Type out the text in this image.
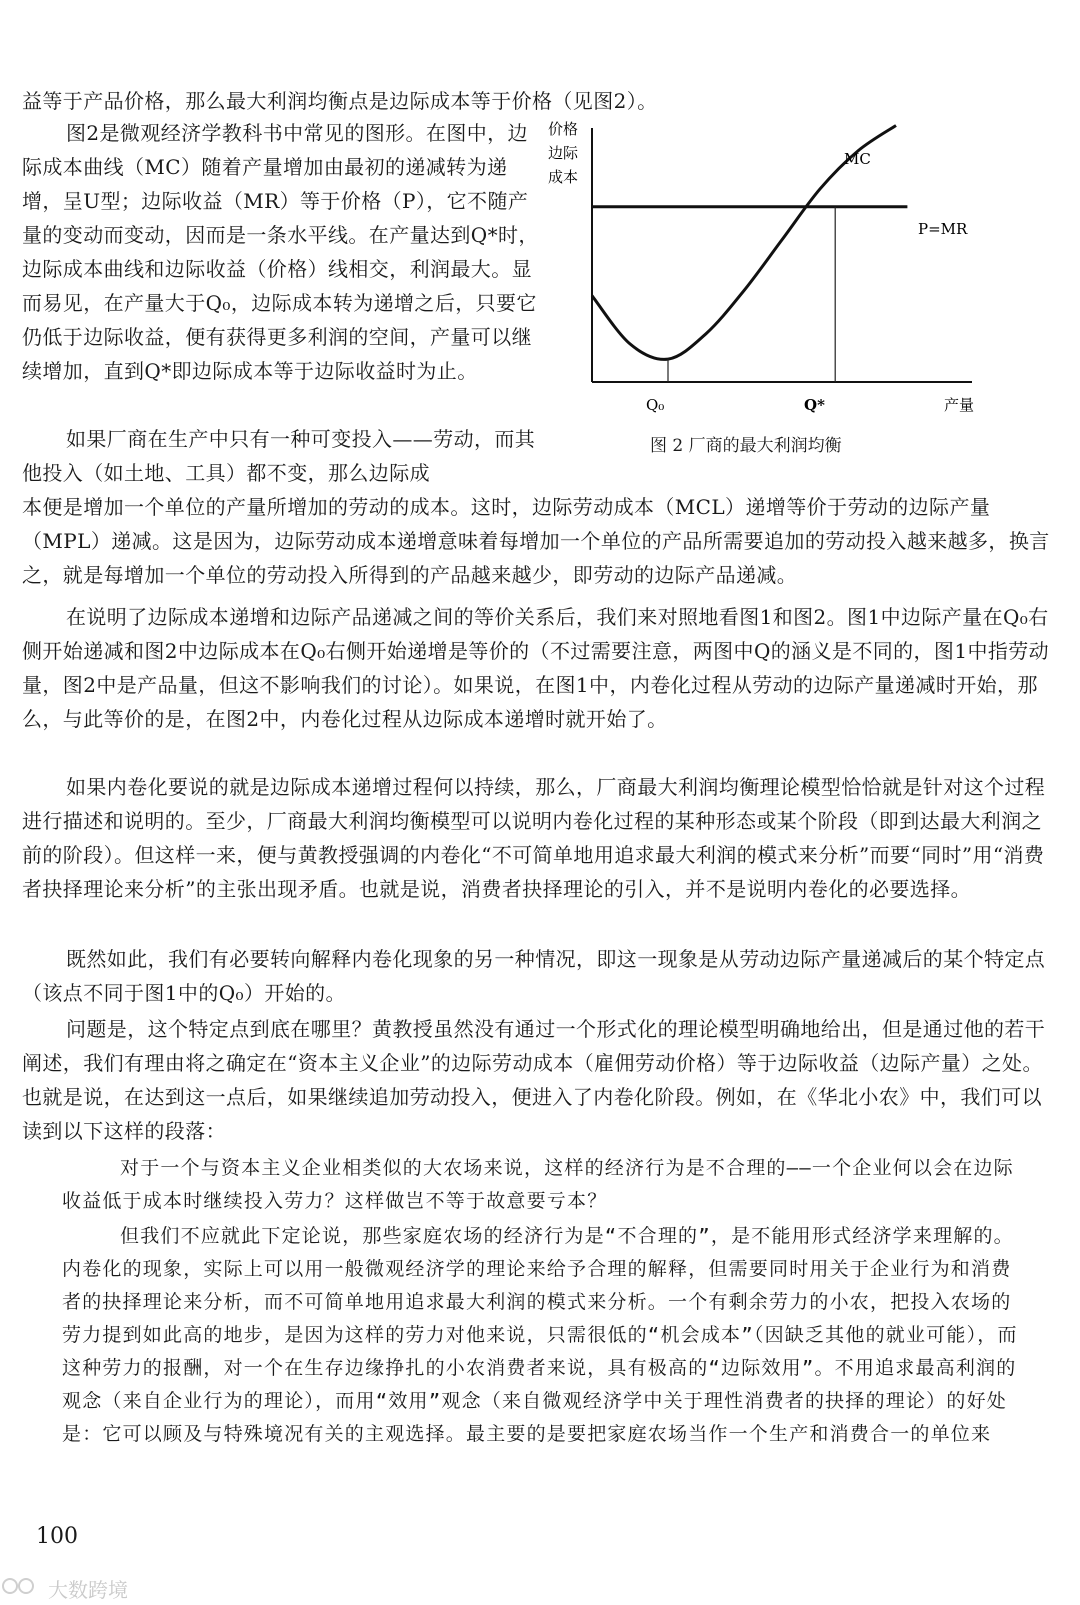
益等于产品价格，那么最大利润均衡点是边际成本等于价格（见图2）。

图2是微观经济学教科书中常见的图形。在图中，边际成本曲线（MC）随着产量增加由最初的递减转为递增，呈U型；边际收益（MR）等于价格（P），它不随产量的变动而变动，因而是一条水平线。在产量达到Q*时，边际成本曲线和边际收益（价格）线相交，利润最大。显而易见，在产量大于Q₀，边际成本转为递增之后，只要它仍低于边际收益，便有获得更多利润的空间，产量可以继续增加，直到Q*即边际成本等于边际收益时为止。

如果厂商在生产中只有一种可变投入——劳动，而其他投入（如土地、工具）都不变，那么边际成

本便是增加一个单位的产量所增加的劳动的成本。这时，边际劳动成本（MCL）递增等价于劳动的边际产量（MPL）递减。这是因为，边际劳动成本递增意味着每增加一个单位的产品所需要追加的劳动投入越来越多，换言之，就是每增加一个单位的劳动投入所得到的产品越来越少，即劳动的边际产品递减。

在说明了边际成本递增和边际产品递减之间的等价关系后，我们来对照地看图1和图2。图1中边际产量在Q₀右侧开始递减和图2中边际成本在Q₀右侧开始递增是等价的（不过需要注意，两图中Q的涵义是不同的，图1中指劳动量，图2中是产品量，但这不影响我们的讨论）。如果说，在图1中，内卷化过程从劳动的边际产量递减时开始，那么，与此等价的是，在图2中，内卷化过程从边际成本递增时就开始了。

如果内卷化要说的就是边际成本递增过程何以持续，那么，厂商最大利润均衡理论模型恰恰就是针对这个过程进行描述和说明的。至少，厂商最大利润均衡模型可以说明内卷化过程的某种形态或某个阶段（即到达最大利润之前的阶段）。但这样一来，便与黄教授强调的内卷化“不可简单地用追求最大利润的模式来分析”而要“同时”用“消费者抉择理论来分析”的主张出现矛盾。也就是说，消费者抉择理论的引入，并不是说明内卷化的必要选择。

既然如此，我们有必要转向解释内卷化现象的另一种情况，即这一现象是从劳动边际产量递减后的某个特定点（该点不同于图1中的Q₀）开始的。

问题是，这个特定点到底在哪里？黄教授虽然没有通过一个形式化的理论模型明确地给出，但是通过他的若干阐述，我们有理由将之确定在“资本主义企业”的边际劳动成本（雇佣劳动价格）等于边际收益（边际产量）之处。也就是说，在达到这一点后，如果继续追加劳动投入，便进入了内卷化阶段。例如，在《华北小农》中，我们可以读到以下这样的段落：

对于一个与资本主义企业相类似的大农场来说，这样的经济行为是不合理的——一个企业何以会在边际收益低于成本时继续投入劳力？这样做岂不等于故意要亏本？

但我们不应就此下定论说，那些家庭农场的经济行为是“不合理的”，是不能用形式经济学来理解的。内卷化的现象，实际上可以用一般微观经济学的理论来给予合理的解释，但需要同时用关于企业行为和消费者的抉择理论来分析，而不可简单地用追求最大利润的模式来分析。一个有剩余劳力的小农，把投入农场的劳力提到如此高的地步，是因为这样的劳力对他来说，只需很低的“机会成本”（因缺乏其他的就业可能），而这种劳力的报酬，对一个在生存边缘挣扎的小农消费者来说，具有极高的“边际效用”。不用追求最高利润的观念（来自企业行为的理论），而用“效用”观念（来自微观经济学中关于理性消费者的抉择的理论）的好处是：它可以顾及与特殊境况有关的主观选择。最主要的是要把家庭农场当作一个生产和消费合一的单位来

价格
边际
成本
MC
P=MR
Q₀	Q*	产量
图 2 厂商的最大利润均衡
100
大数跨境
